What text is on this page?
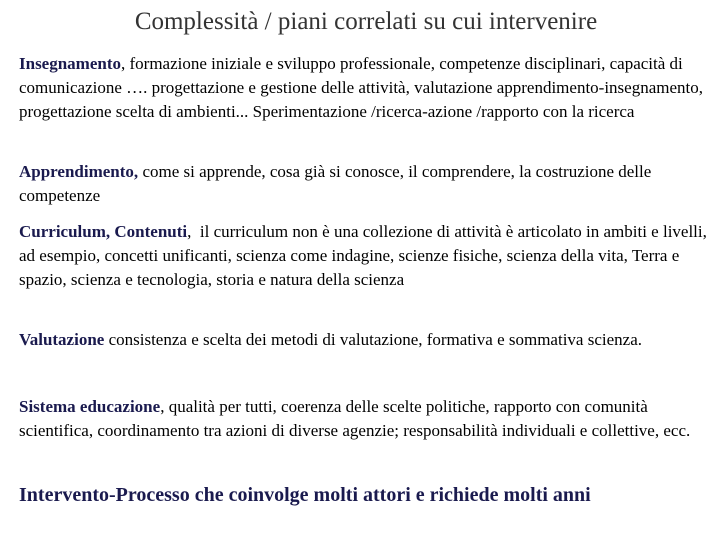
Complessità / piani correlati su cui intervenire
Insegnamento, formazione iniziale e sviluppo professionale, competenze disciplinari, capacità di comunicazione …. progettazione e gestione delle attività, valutazione apprendimento-insegnamento, progettazione scelta di ambienti... Sperimentazione /ricerca-azione /rapporto con la ricerca
Apprendimento, come si apprende, cosa già si conosce, il comprendere, la costruzione delle competenze
Curriculum, Contenuti,  il curriculum non è una collezione di attività è articolato in ambiti e livelli, ad esempio, concetti unificanti, scienza come indagine, scienze fisiche, scienza della vita, Terra e spazio, scienza e tecnologia, storia e natura della scienza
Valutazione consistenza e scelta dei metodi di valutazione, formativa e sommativa scienza.
Sistema educazione, qualità per tutti, coerenza delle scelte politiche, rapporto con comunità scientifica, coordinamento tra azioni di diverse agenzie; responsabilità individuali e collettive, ecc.
Intervento-Processo che coinvolge molti attori e richiede molti anni
